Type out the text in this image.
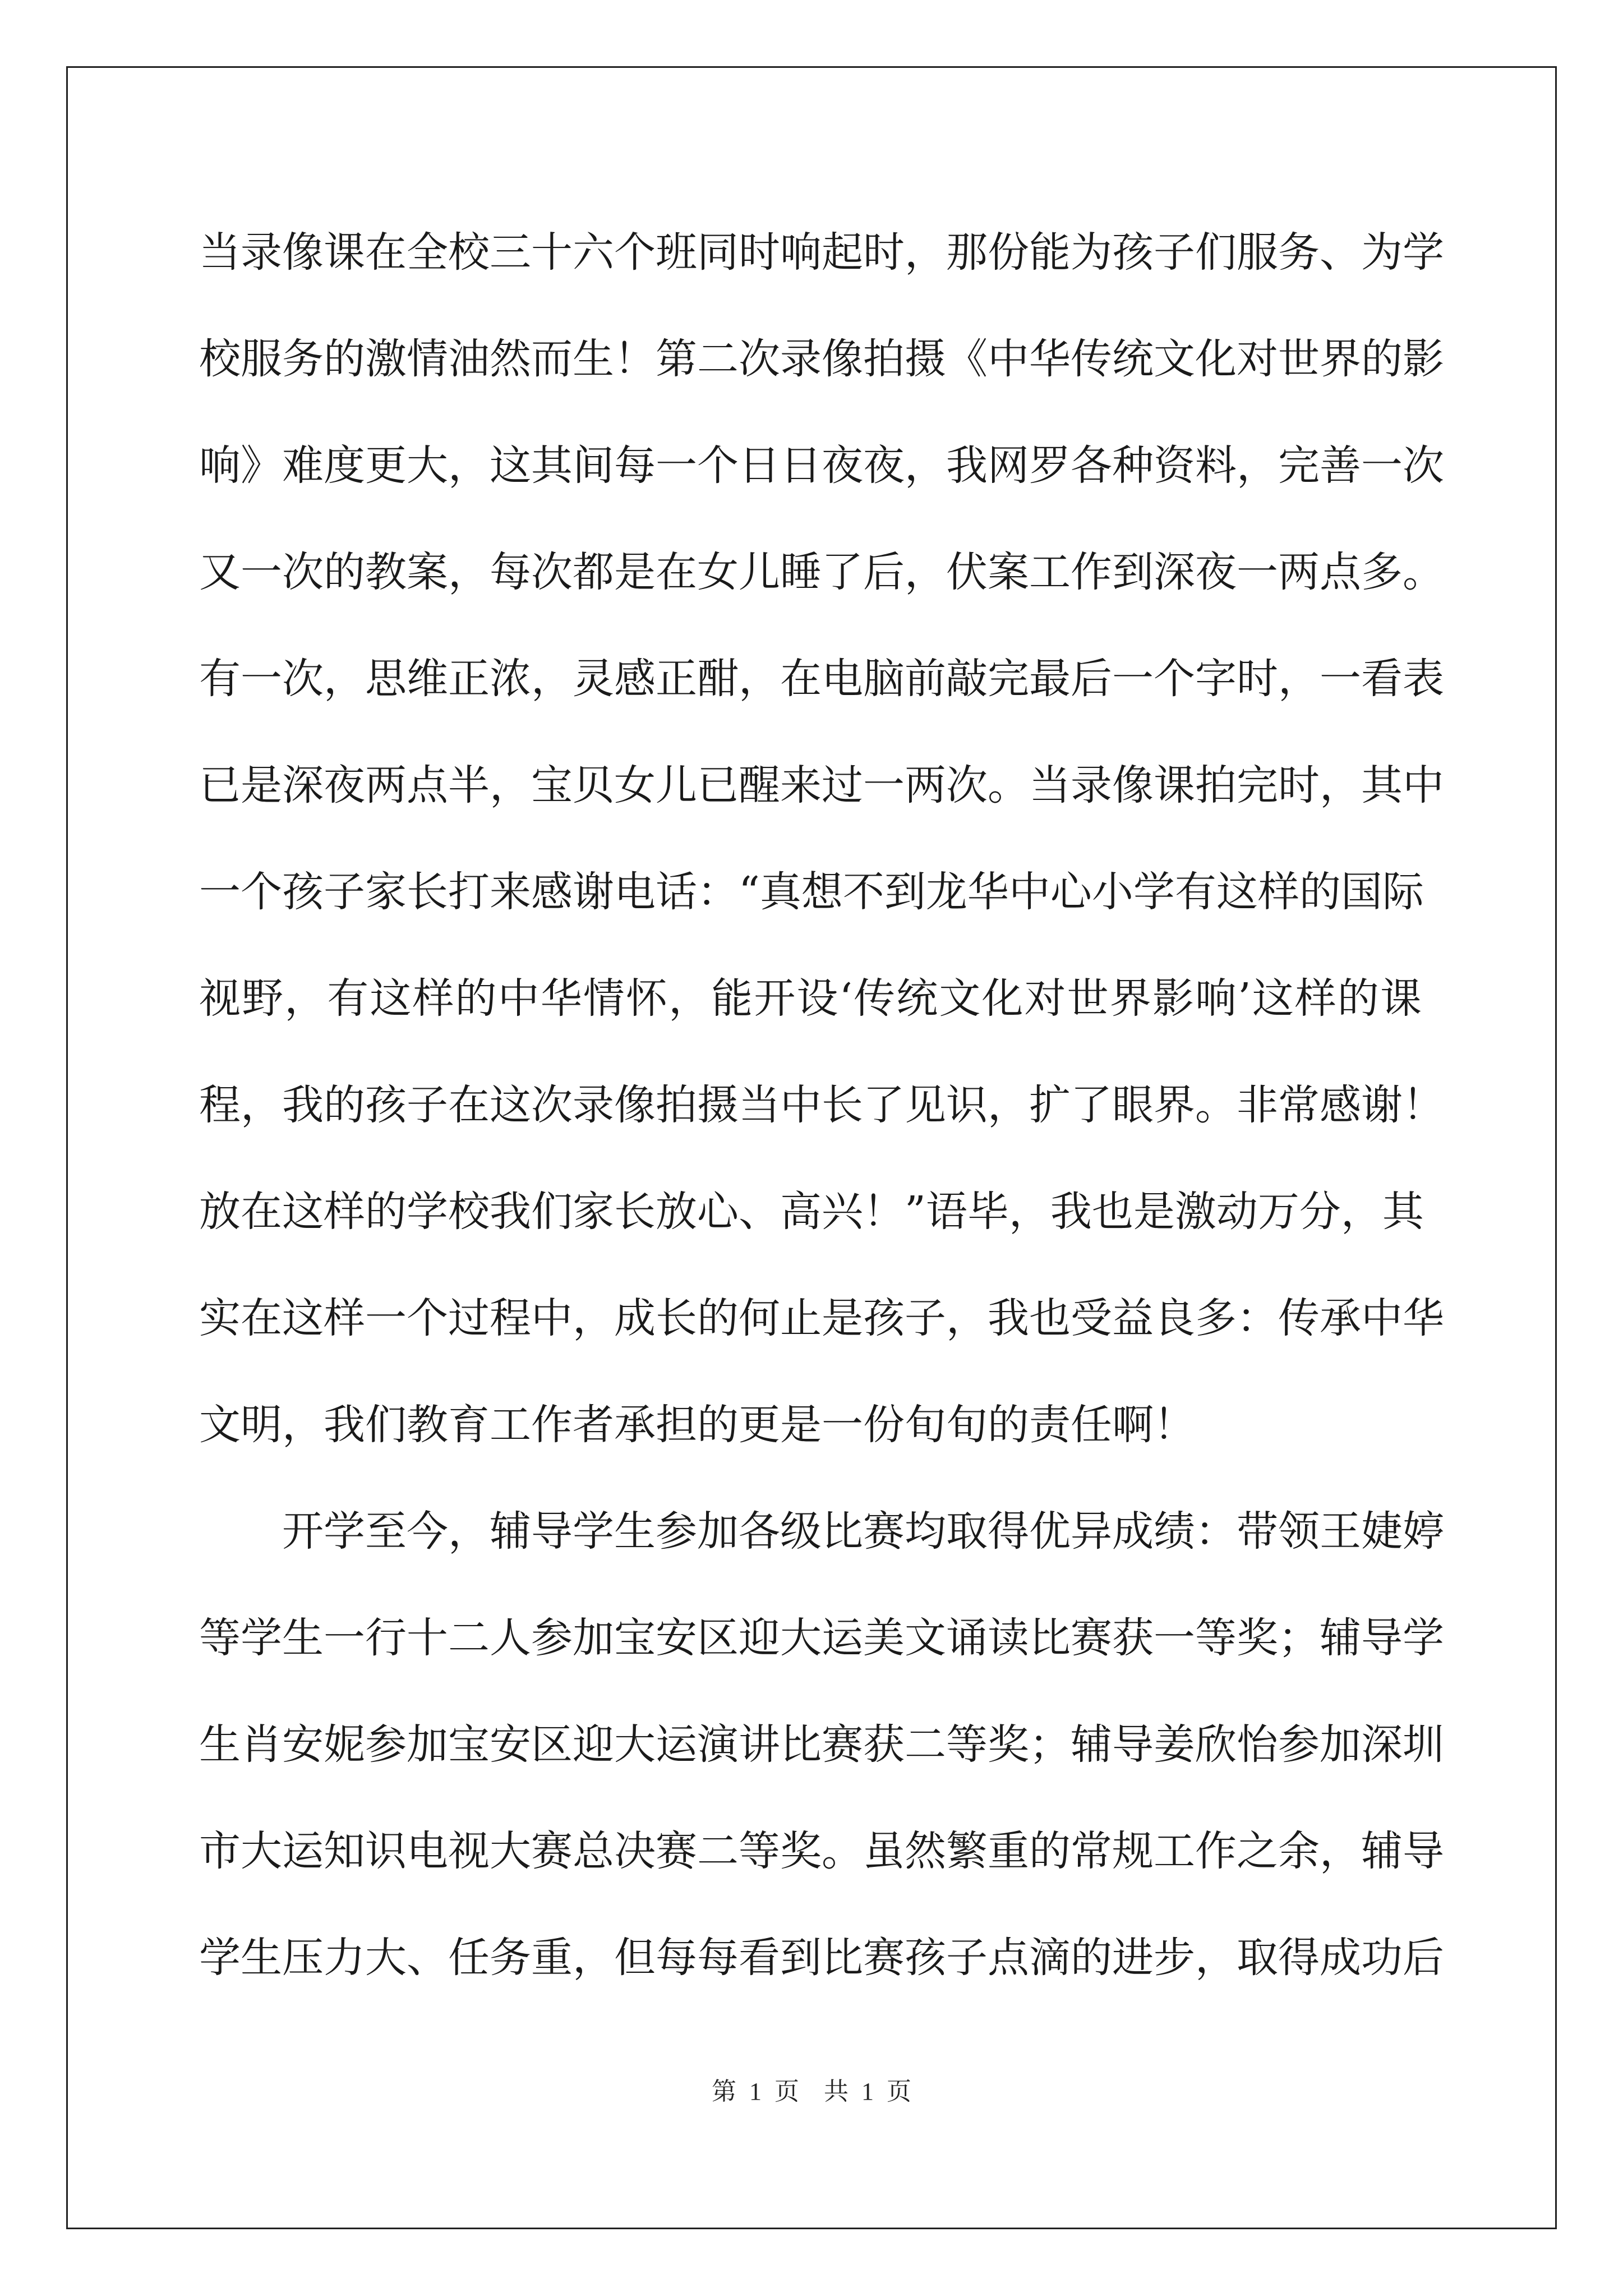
当录像课在全校三十六个班同时响起时，那份能为孩子们服务、为学
校服务的激情油然而生！第二次录像拍摄《中华传统文化对世界的影
响》难度更大，这其间每一个日日夜夜，我网罗各种资料，完善一次
又一次的教案，每次都是在女儿睡了后，伏案工作到深夜一两点多。
有一次，思维正浓，灵感正酣，在电脑前敲完最后一个字时，一看表
已是深夜两点半，宝贝女儿已醒来过一两次。当录像课拍完时，其中
一个孩子家长打来感谢电话：“真想不到龙华中心小学有这样的国际
视野，有这样的中华情怀，能开设‘传统文化对世界影响’这样的课
程，我的孩子在这次录像拍摄当中长了见识，扩了眼界。非常感谢！
放在这样的学校我们家长放心、高兴！”语毕，我也是激动万分，其
实在这样一个过程中，成长的何止是孩子，我也受益良多：传承中华
文明，我们教育工作者承担的更是一份旬旬的责任啊！
开学至今，辅导学生参加各级比赛均取得优异成绩：带领王婕婷
等学生一行十二人参加宝安区迎大运美文诵读比赛获一等奖；辅导学
生肖安妮参加宝安区迎大运演讲比赛获二等奖；辅导姜欣怡参加深圳
市大运知识电视大赛总决赛二等奖。虽然繁重的常规工作之余，辅导
学生压力大、任务重，但每每看到比赛孩子点滴的进步，取得成功后
第 1 页　共 1 页
